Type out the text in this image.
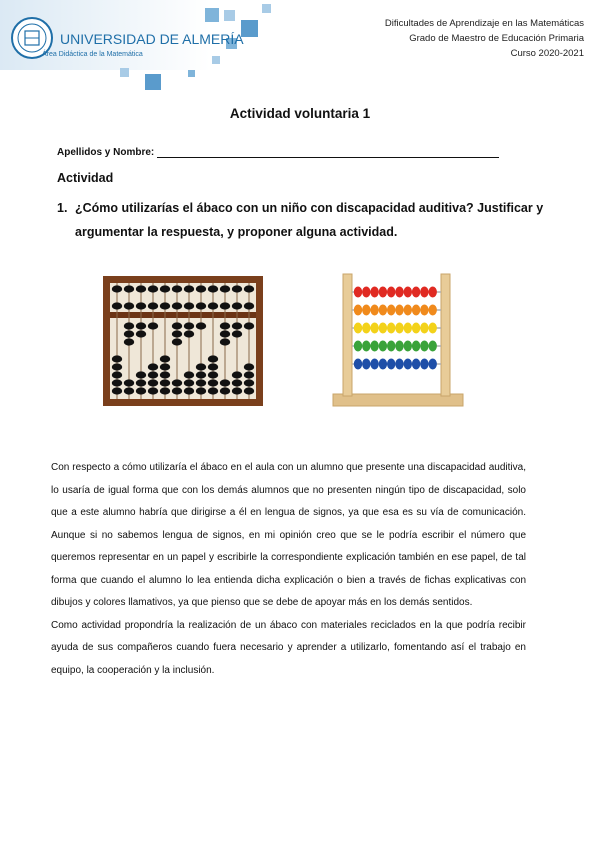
UNIVERSIDAD DE ALMERÍA
Área Didáctica de la Matemática
Dificultades de Aprendizaje en las Matemáticas
Grado de Maestro de Educación Primaria
Curso 2020-2021
Actividad voluntaria 1
Apellidos y Nombre:
Actividad
1. ¿Cómo utilizarías el ábaco con un niño con discapacidad auditiva? Justificar y argumentar la respuesta, y proponer alguna actividad.

Con respecto a cómo utilizaría el ábaco en el aula con un alumno que presente una discapacidad auditiva, lo usaría de igual forma que con los demás alumnos que no presenten ningún tipo de discapacidad, solo que a este alumno habría que dirigirse a él en lengua de signos, ya que esa es su vía de comunicación. Aunque si no sabemos lengua de signos, en mi opinión creo que se le podría escribir el número que queremos representar en un papel y escribirle la correspondiente explicación también en ese papel, de tal forma que cuando el alumno lo lea entienda dicha explicación o bien a través de fichas explicativas con dibujos y colores llamativos, ya que pienso que se debe de apoyar más en los demás sentidos.

Como actividad propondría la realización de un ábaco con materiales reciclados en la que podría recibir ayuda de sus compañeros cuando fuera necesario y aprender a utilizarlo, fomentando así el trabajo en equipo, la cooperación y la inclusión.
